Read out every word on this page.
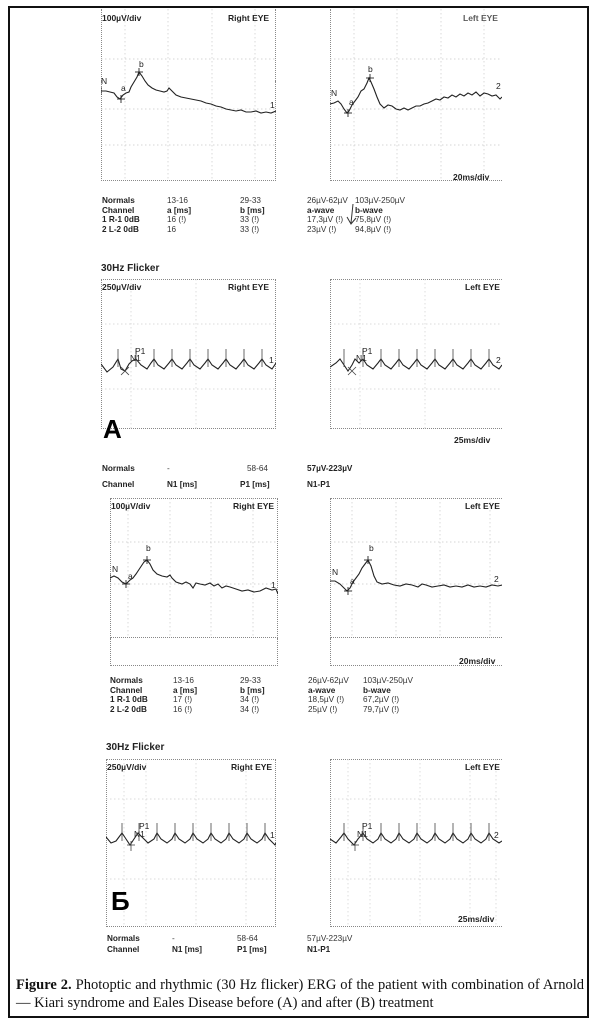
100µV/div	Right EYE
N
a
b
1
Left EYE
N
a
b
2
20ms/div
Normals	13-16	29-33	26µV-62µV 103µV-250µV
Channel	a [ms]	b [ms]	a-wave	b-wave
1 R-1 0dB	16 (!)	33 (!)	17,3µV (!) 75,8µV (!)
2 L-2 0dB	16	33 (!)	23µV (!) 94,8µV (!)
30Hz Flicker
250µV/div	Right EYE
P1
N1	1
Left EYE
P1
N1	2
25ms/div
A
Normals	-	58-64	57µV-223µV
Channel	N1 [ms]	P1 [ms]	N1-P1
100µV/div	Right EYE
N
a
b
1
Left EYE
N
a
b
2
20ms/div
Normals	13-16	29-33	26µV-62µV 103µV-250µV
Channel	a [ms]	b [ms]	a-wave	b-wave
1 R-1 0dB	17 (!)	34 (!)	18,5µV (!) 67,2µV (!)
2 L-2 0dB	16 (!)	34 (!)	25µV (!)	79,7µV (!)
30Hz Flicker
250µV/div	Right EYE
P1
N1	1
Left EYE
P1
N1	2
25ms/div
Б
Normals	-	58-64	57µV-223µV
Channel	N1 [ms]	P1 [ms]	N1-P1
Figure 2. Photoptic and rhythmic (30 Hz flicker) ERG of the patient with combination of Arnold — Kiari syndrome and Eales Disease before (A) and after (B) treatment
